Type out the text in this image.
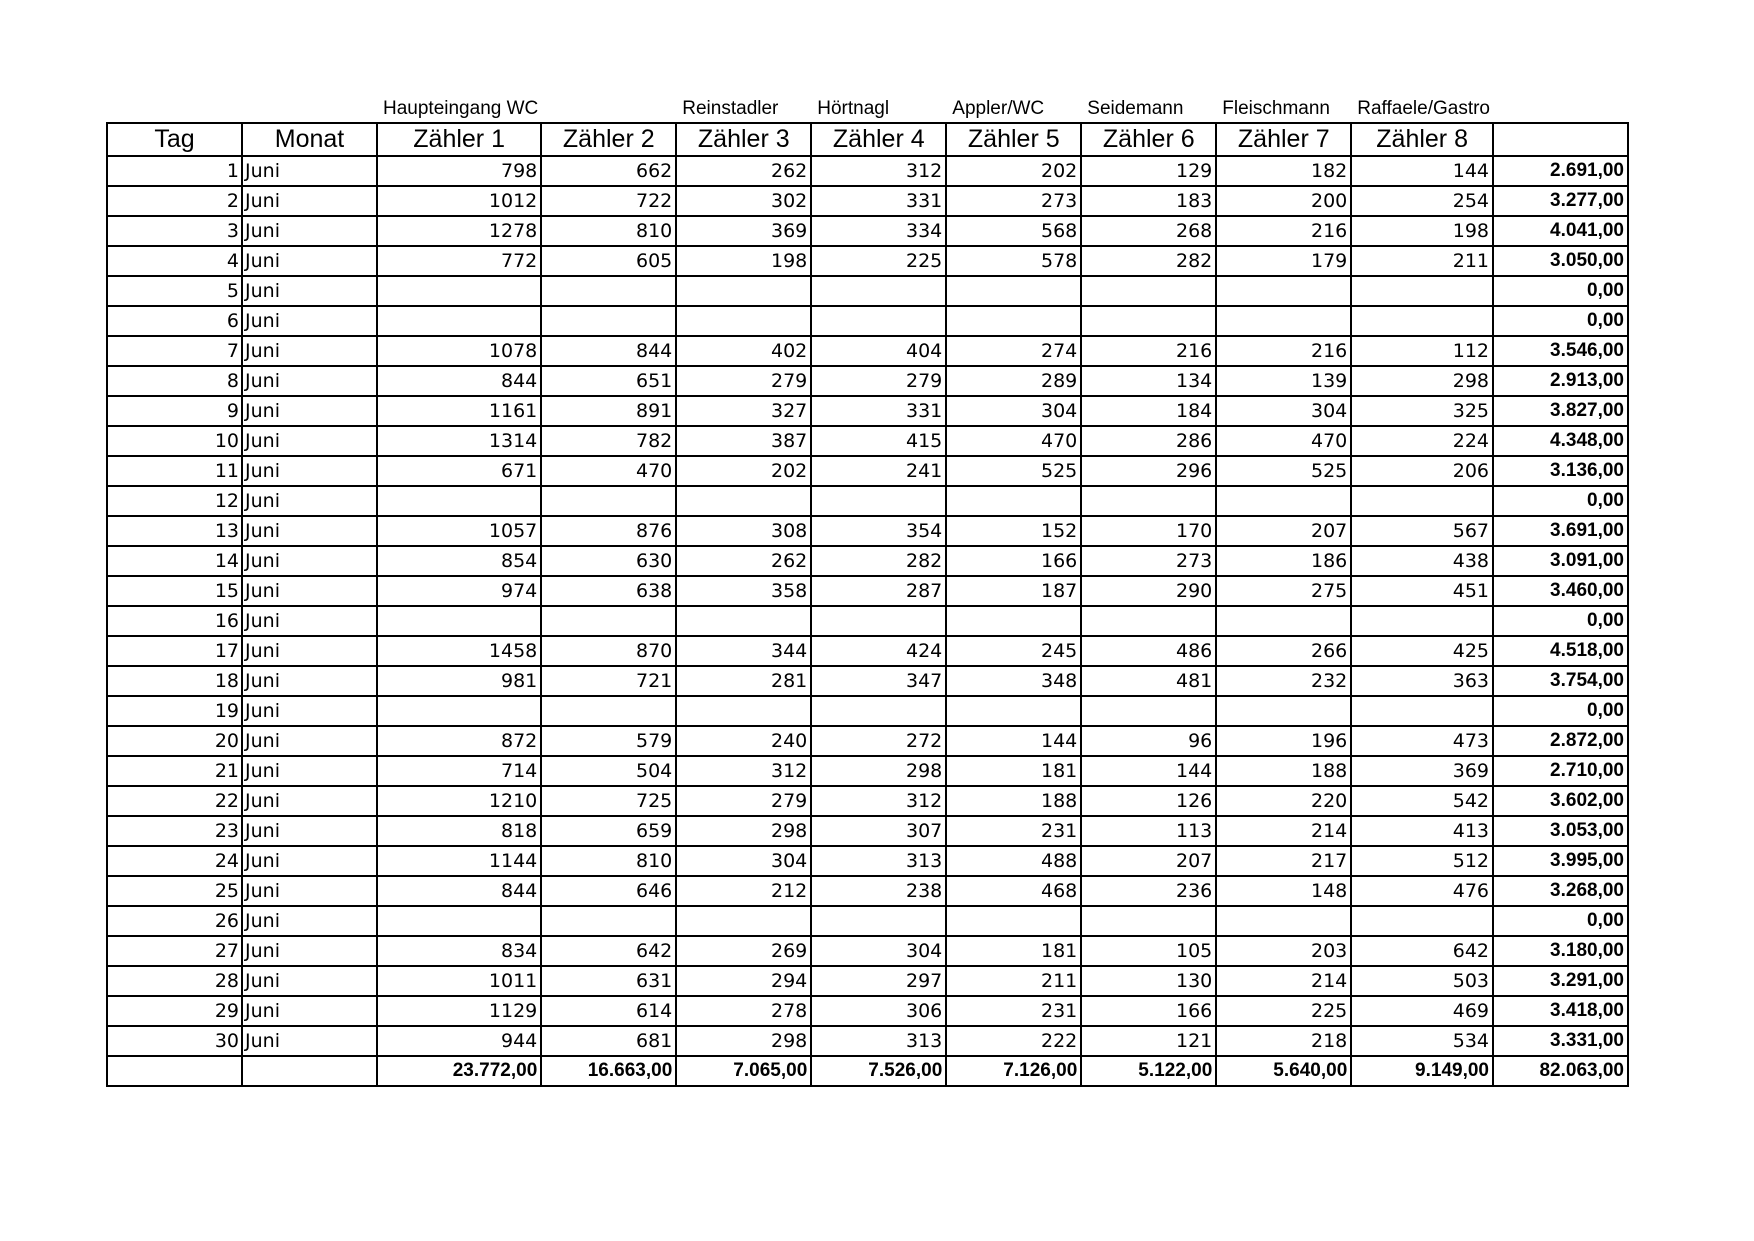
		Haupteingang WC		Reinstadler	Hörtnagl	Appler/WC	Seidemann	Fleischmann	Raffaele/Gastro	
Tag	Monat	Zähler 1	Zähler 2	Zähler 3	Zähler 4	Zähler 5	Zähler 6	Zähler 7	Zähler 8	
1	Juni	798	662	262	312	202	129	182	144	2.691,00
2	Juni	1012	722	302	331	273	183	200	254	3.277,00
3	Juni	1278	810	369	334	568	268	216	198	4.041,00
4	Juni	772	605	198	225	578	282	179	211	3.050,00
5	Juni									0,00
6	Juni									0,00
7	Juni	1078	844	402	404	274	216	216	112	3.546,00
8	Juni	844	651	279	279	289	134	139	298	2.913,00
9	Juni	1161	891	327	331	304	184	304	325	3.827,00
10	Juni	1314	782	387	415	470	286	470	224	4.348,00
11	Juni	671	470	202	241	525	296	525	206	3.136,00
12	Juni									0,00
13	Juni	1057	876	308	354	152	170	207	567	3.691,00
14	Juni	854	630	262	282	166	273	186	438	3.091,00
15	Juni	974	638	358	287	187	290	275	451	3.460,00
16	Juni									0,00
17	Juni	1458	870	344	424	245	486	266	425	4.518,00
18	Juni	981	721	281	347	348	481	232	363	3.754,00
19	Juni									0,00
20	Juni	872	579	240	272	144	96	196	473	2.872,00
21	Juni	714	504	312	298	181	144	188	369	2.710,00
22	Juni	1210	725	279	312	188	126	220	542	3.602,00
23	Juni	818	659	298	307	231	113	214	413	3.053,00
24	Juni	1144	810	304	313	488	207	217	512	3.995,00
25	Juni	844	646	212	238	468	236	148	476	3.268,00
26	Juni									0,00
27	Juni	834	642	269	304	181	105	203	642	3.180,00
28	Juni	1011	631	294	297	211	130	214	503	3.291,00
29	Juni	1129	614	278	306	231	166	225	469	3.418,00
30	Juni	944	681	298	313	222	121	218	534	3.331,00
		23.772,00	16.663,00	7.065,00	7.526,00	7.126,00	5.122,00	5.640,00	9.149,00	82.063,00
